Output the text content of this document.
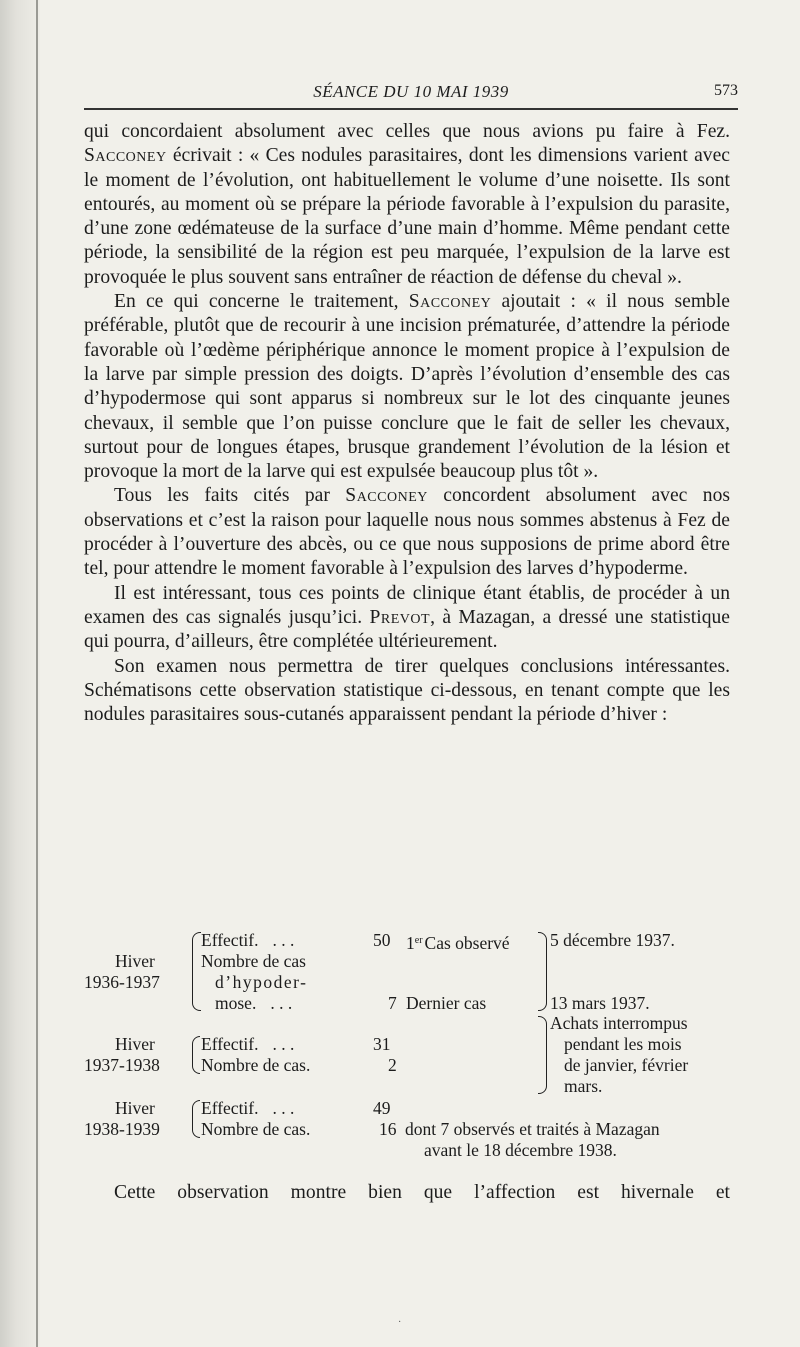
SÉANCE DU 10 MAI 1939	573

qui concordaient absolument avec celles que nous avions pu faire à Fez. Sacconey écrivait : « Ces nodules parasitaires, dont les dimensions varient avec le moment de l’évolution, ont habituellement le volume d’une noisette. Ils sont entourés, au moment où se prépare la période favorable à l’expulsion du parasite, d’une zone œdémateuse de la surface d’une main d’homme. Même pendant cette période, la sensibilité de la région est peu marquée, l’expulsion de la larve est provoquée le plus souvent sans entraîner de réaction de défense du cheval ».

En ce qui concerne le traitement, Sacconey ajoutait : « il nous semble préférable, plutôt que de recourir à une incision prématurée, d’attendre la période favorable où l’œdème périphérique annonce le moment propice à l’expulsion de la larve par simple pression des doigts. D’après l’évolution d’ensemble des cas d’hypodermose qui sont apparus si nombreux sur le lot des cinquante jeunes chevaux, il semble que l’on puisse conclure que le fait de seller les chevaux, surtout pour de longues étapes, brusque grandement l’évolution de la lésion et provoque la mort de la larve qui est expulsée beaucoup plus tôt ».

Tous les faits cités par Sacconey concordent absolument avec nos observations et c’est la raison pour laquelle nous nous sommes abstenus à Fez de procéder à l’ouverture des abcès, ou ce que nous supposions de prime abord être tel, pour attendre le moment favorable à l’expulsion des larves d’hypoderme.

Il est intéressant, tous ces points de clinique étant établis, de procéder à un examen des cas signalés jusqu’ici. Prevot, à Mazagan, a dressé une statistique qui pourra, d’ailleurs, être complétée ultérieurement.

Son examen nous permettra de tirer quelques conclusions intéressantes. Schématisons cette observation statistique ci-dessous, en tenant compte que les nodules parasitaires sous-cutanés apparaissent pendant la période d’hiver :

Hiver
1936-1937
Effectif. . . .
Nombre de cas
d’hypoder-
mose. . . .
50 1er Cas observé
7 Dernier cas
5 décembre 1937.
13 mars 1937.
Hiver
1937-1938
Effectif. . . .
Nombre de cas.
31
2
Achats interrompus
pendant les mois
de janvier, février
mars.
Hiver
1938-1939
Effectif. . . .
Nombre de cas.
49
16 dont 7 observés et traités à Mazagan
avant le 18 décembre 1938.
Cette observation montre bien que l’affection est hivernale et
·
